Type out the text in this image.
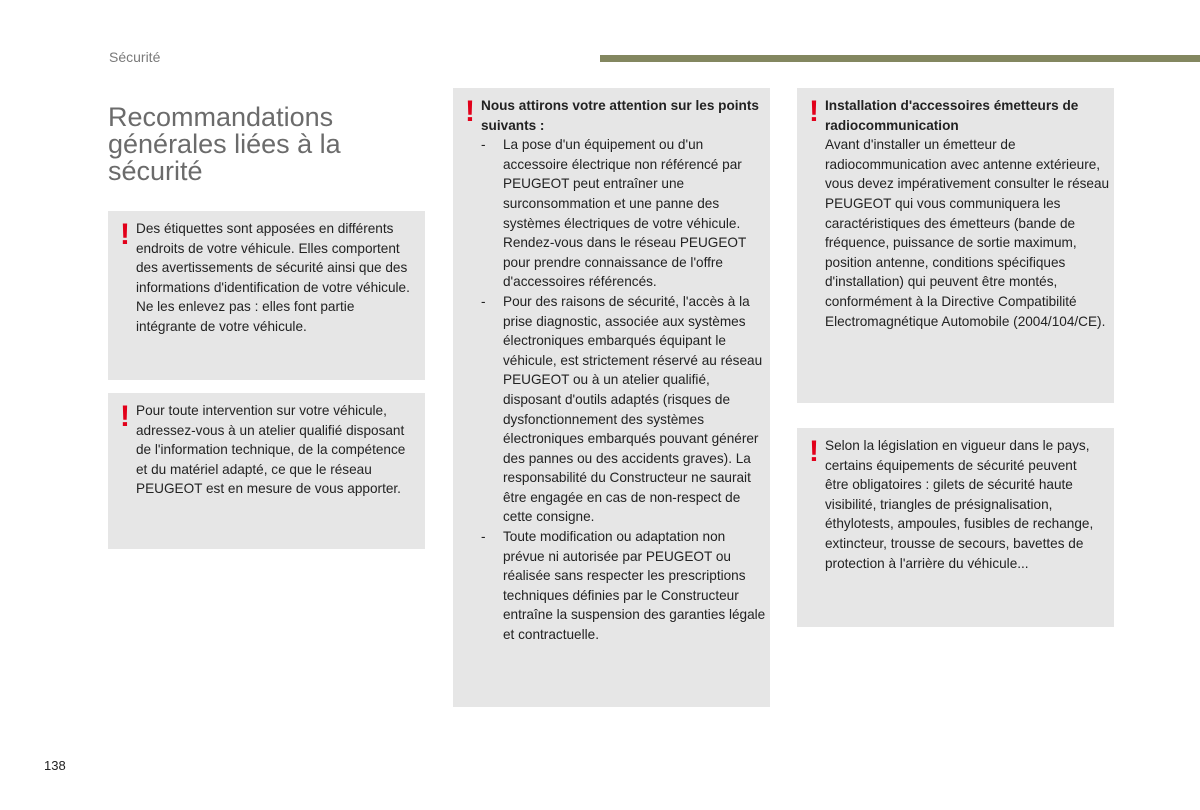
Sécurité
Recommandations générales liées à la sécurité
! Des étiquettes sont apposées en différents endroits de votre véhicule. Elles comportent des avertissements de sécurité ainsi que des informations d'identification de votre véhicule. Ne les enlevez pas : elles font partie intégrante de votre véhicule.

! Pour toute intervention sur votre véhicule, adressez-vous à un atelier qualifié disposant de l'information technique, de la compétence et du matériel adapté, ce que le réseau PEUGEOT est en mesure de vous apporter.

! Nous attirons votre attention sur les points suivants :

- La pose d'un équipement ou d'un accessoire électrique non référencé par PEUGEOT peut entraîner une surconsommation et une panne des systèmes électriques de votre véhicule. Rendez-vous dans le réseau PEUGEOT pour prendre connaissance de l'offre d'accessoires référencés.
- Pour des raisons de sécurité, l'accès à la prise diagnostic, associée aux systèmes électroniques embarqués équipant le véhicule, est strictement réservé au réseau PEUGEOT ou à un atelier qualifié, disposant d'outils adaptés (risques de dysfonctionnement des systèmes électroniques embarqués pouvant générer des pannes ou des accidents graves). La responsabilité du Constructeur ne saurait être engagée en cas de non-respect de cette consigne.
- Toute modification ou adaptation non prévue ni autorisée par PEUGEOT ou réalisée sans respecter les prescriptions techniques définies par le Constructeur entraîne la suspension des garanties légale et contractuelle.
! Installation d'accessoires émetteurs de radiocommunication

Avant d'installer un émetteur de radiocommunication avec antenne extérieure, vous devez impérativement consulter le réseau PEUGEOT qui vous communiquera les caractéristiques des émetteurs (bande de fréquence, puissance de sortie maximum, position antenne, conditions spécifiques d'installation) qui peuvent être montés, conformément à la Directive Compatibilité Electromagnétique Automobile (2004/104/CE).

! Selon la législation en vigueur dans le pays, certains équipements de sécurité peuvent être obligatoires : gilets de sécurité haute visibilité, triangles de présignalisation, éthylotests, ampoules, fusibles de rechange, extincteur, trousse de secours, bavettes de protection à l'arrière du véhicule...

138
